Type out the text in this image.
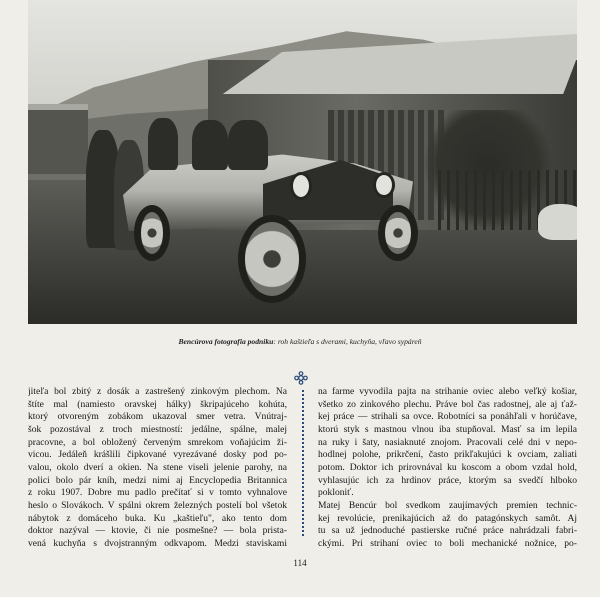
Bencúrova fotografia podniku: roh kaštieľa s dverami, kuchyňa, vľavo sypáreň
jiteľa bol zbitý z dosák a zastrešený zinkovým plechom. Na
štíte mal (namiesto oravskej hálky) škripajúceho kohúta,
ktorý otvoreným zobákom ukazoval smer vetra. Vnútraj-
šok pozostával z troch miestností: jedálne, spálne, malej
pracovne, a bol obložený červeným smrekom voňajúcim ži-
vicou. Jedáleň krášlili čipkované vyrezávané dosky pod po-
valou, okolo dverí a okien. Na stene viseli jelenie parohy, na
polici bolo pár kníh, medzi nimi aj Encyclopedia Britannica
z roku 1907. Dobre mu padlo prečítať si v tomto vyhnalove
heslo o Slovákoch. V spálni okrem železných postelí bol všetok
nábytok z domáceho buka. Ku „kaštieľu", ako tento dom
doktor nazýval — ktovie, či nie posmešne? — bola prista-
vená kuchyňa s dvojstranným odkvapom. Medzi staviskami
na farme vyvodila pajta na strihanie oviec alebo veľký košiar,
všetko zo zinkového plechu. Práve bol čas radostnej, ale aj ťaž-
kej práce — strihali sa ovce. Robotníci sa ponáhľali v horúčave,
ktorú styk s mastnou vlnou iba stupňoval. Masť sa im lepila
na ruky i šaty, nasiaknuté znojom. Pracovali celé dni v nepo-
hodlnej polohe, prikrčení, často prikľakujúci k ovciam, zaliati
potom. Doktor ich prirovnával ku koscom a obom vzdal hold,
vyhlasujúc ich za hrdinov práce, ktorým sa svedčí hlboko
pokloniť.
Matej Bencúr bol svedkom zaujímavých premien technic-
kej revolúcie, prenikajúcich až do patagónskych samôt. Aj
tu sa už jednoduché pastierske ručné práce nahrádzali fabri-
ckými. Pri strihaní oviec to boli mechanické nožnice, po-
114
